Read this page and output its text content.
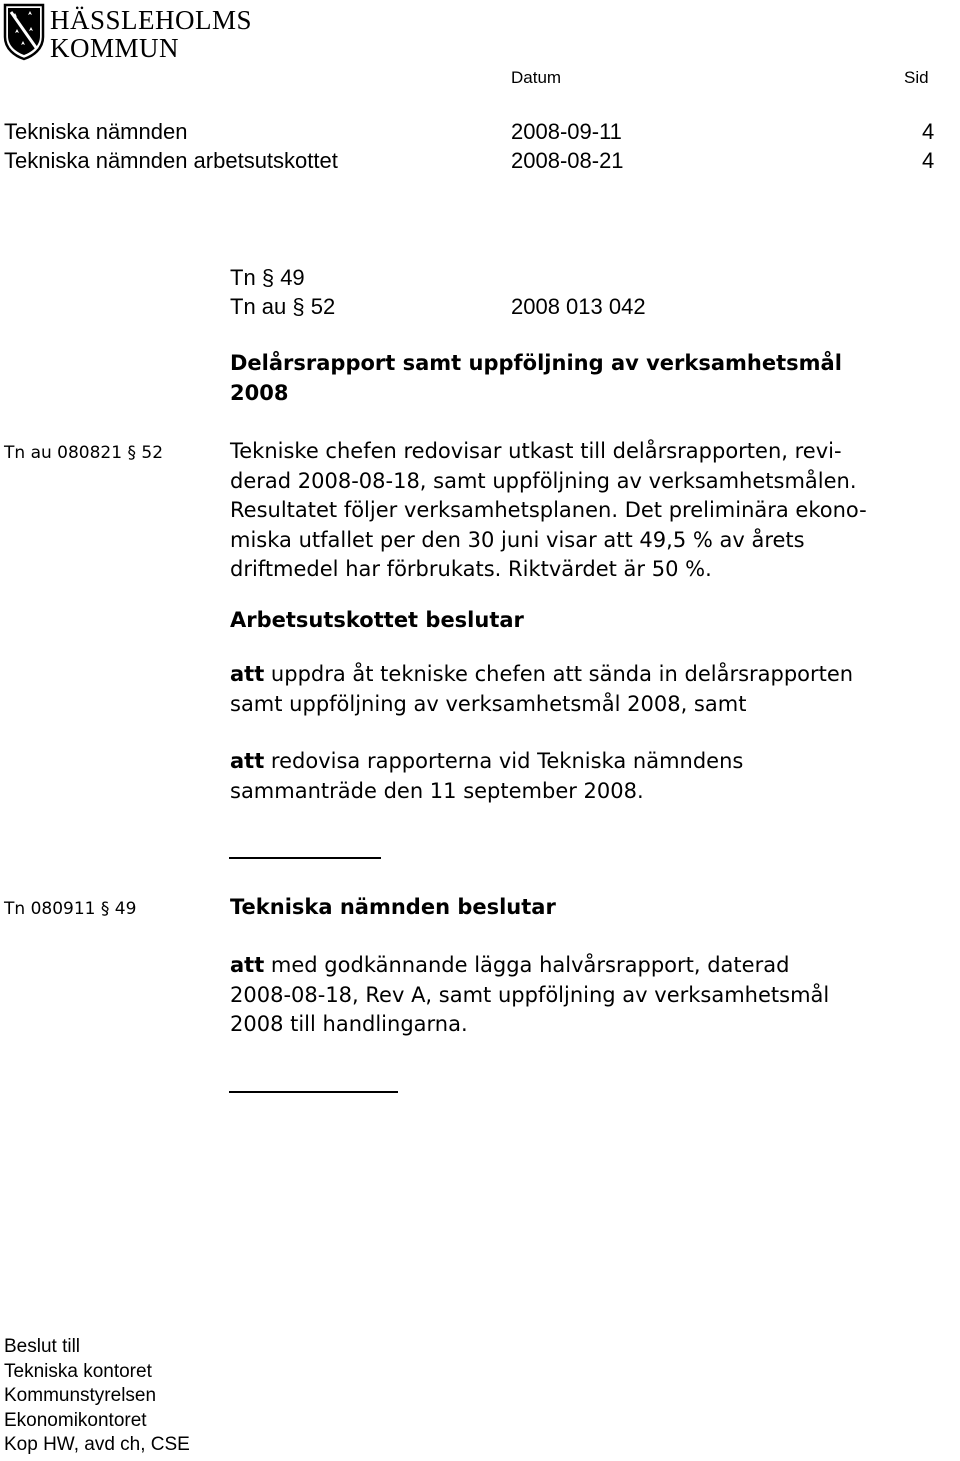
HÄSSLEHOLMS
KOMMUN
Datum	Sid
Tekniska nämnden	2008-09-11	4
Tekniska nämnden arbetsutskottet	2008-08-21	4
Tn § 49
Tn au § 52	2008 013 042
Delårsrapport samt uppföljning av verksamhetsmål
2008
Tn au 080821 § 52	Tekniske chefen redovisar utkast till delårsrapporten, revi-
derad 2008-08-18, samt uppföljning av verksamhetsmålen.
Resultatet följer verksamhetsplanen. Det preliminära ekono-
miska utfallet per den 30 juni visar att 49,5 % av årets
driftmedel har förbrukats. Riktvärdet är 50 %.
Arbetsutskottet beslutar
att uppdra åt tekniske chefen att sända in delårsrapporten
samt uppföljning av verksamhetsmål 2008, samt
att redovisa rapporterna vid Tekniska nämndens
sammanträde den 11 september 2008.
Tn 080911 § 49	Tekniska nämnden beslutar
att med godkännande lägga halvårsrapport, daterad
2008-08-18, Rev A, samt uppföljning av verksamhetsmål
2008 till handlingarna.
Beslut till
Tekniska kontoret
Kommunstyrelsen
Ekonomikontoret
Kop HW, avd ch, CSE
